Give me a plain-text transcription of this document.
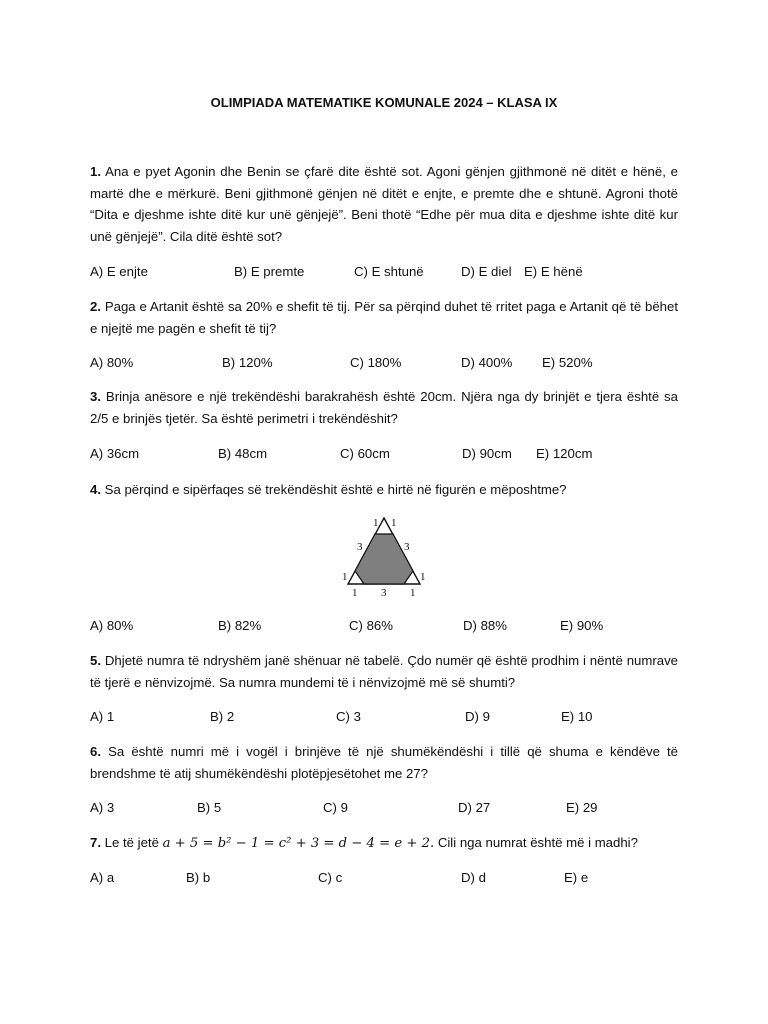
OLIMPIADA MATEMATIKE KOMUNALE 2024 – KLASA IX
1. Ana e pyet Agonin dhe Benin se çfarë dite është sot. Agoni gënjen gjithmonë në ditët e hënë, e martë dhe e mërkurë. Beni gjithmonë gënjen në ditët e enjte, e premte dhe e shtunë. Agroni thotë “Dita e djeshme ishte ditë kur unë gënjejë”. Beni thotë “Edhe për mua dita e djeshme ishte ditë kur unë gënjejë”. Cila ditë është sot?
A) E enjte	B) E premte	C) E shtunë	D) E diel E) E hënë
2. Paga e Artanit është sa 20% e shefit të tij. Për sa përqind duhet të rritet paga e Artanit që të bëhet e njejtë me pagën e shefit të tij?
A) 80%	B) 120%	C) 180%	D) 400% E) 520%
3. Brinja anësore e një trekëndëshi barakrahësh është 20cm. Njëra nga dy brinjët e tjera është sa 2/5 e brinjës tjetër. Sa është perimetri i trekëndëshit?
A) 36cm	B) 48cm	C) 60cm	D) 90cm E) 120cm
4. Sa përqind e sipërfaqes së trekëndëshit është e hirtë në figurën e mëposhtme?
1 1
3	3
1	1
1 3 1
A) 80%	B) 82%	C) 86%	D) 88%	E) 90%
5. Dhjetë numra të ndryshëm janë shënuar në tabelë. Çdo numër që është prodhim i nëntë numrave të tjerë e nënvizojmë. Sa numra mundemi të i nënvizojmë më së shumti?
A) 1	B) 2	C) 3	D) 9	E) 10
6. Sa është numri më i vogël i brinjëve të një shumëkëndëshi i tillë që shuma e këndëve të brendshme të atij shumëkëndëshi plotëpjesëtohet me 27?
A) 3	B) 5	C) 9	D) 27	E) 29
7. Le të jetë a + 5 = b² − 1 = c² + 3 = d − 4 = e + 2. Cili nga numrat është më i madhi?
A) a	B) b	C) c	D) d	E) e
